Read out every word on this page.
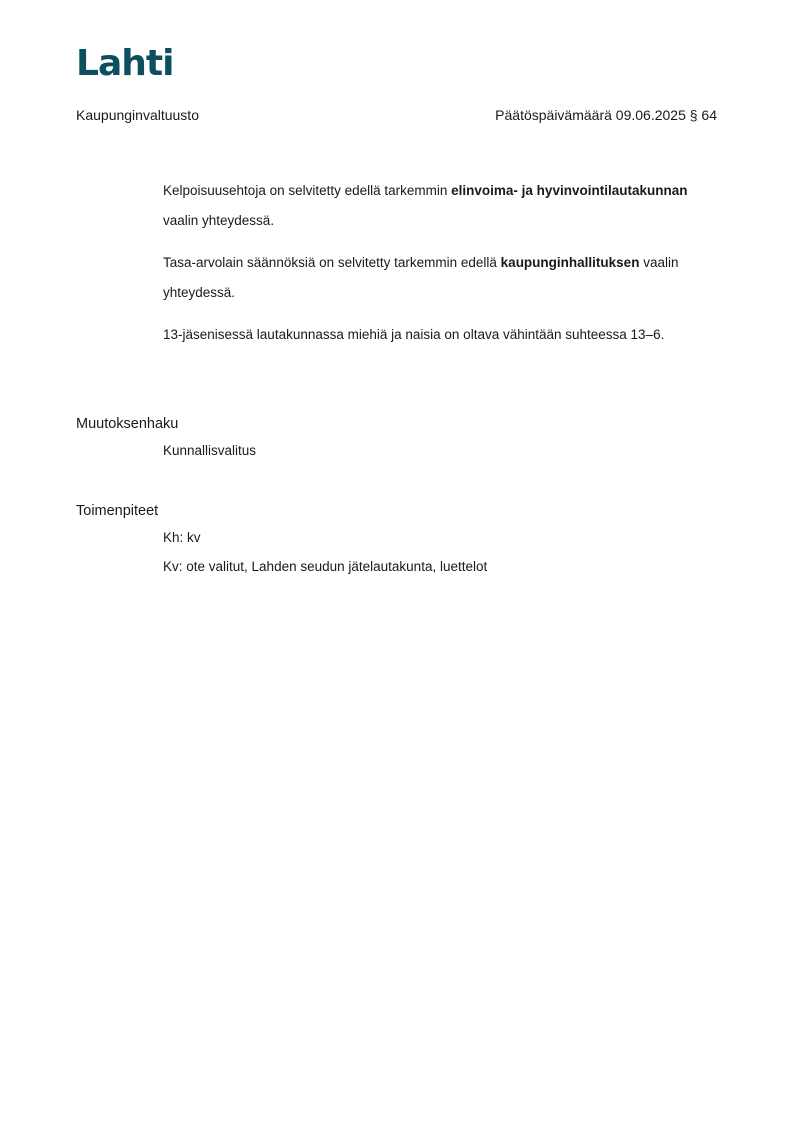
Lahti
Kaupunginvaltuusto	Päätöspäivämäärä 09.06.2025 § 64

Kelpoisuusehtoja on selvitetty edellä tarkemmin elinvoima- ja hyvinvointilautakunnan vaalin yhteydessä.

Tasa-arvolain säännöksiä on selvitetty tarkemmin edellä kaupunginhallituksen vaalin yhteydessä.

13-jäsenisessä lautakunnassa miehiä ja naisia on oltava vähintään suhteessa 13–6.

Muutoksenhaku
Kunnallisvalitus
Toimenpiteet
Kh: kv
Kv: ote valitut, Lahden seudun jätelautakunta, luettelot
